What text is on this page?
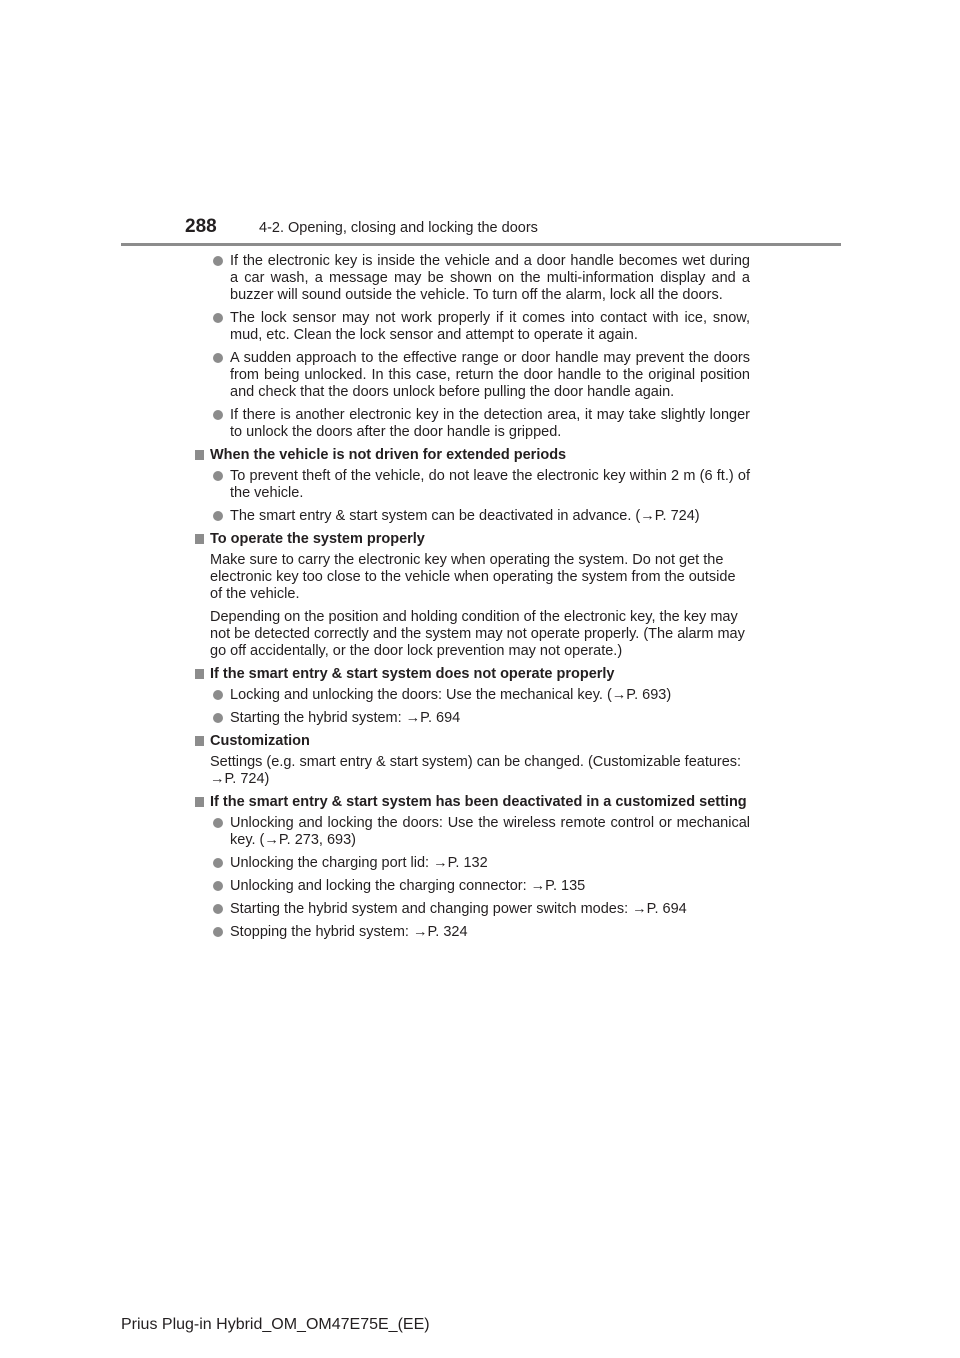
288	4-2. Opening, closing and locking the doors
If the electronic key is inside the vehicle and a door handle becomes wet during a car wash, a message may be shown on the multi-information display and a buzzer will sound outside the vehicle. To turn off the alarm, lock all the doors.
The lock sensor may not work properly if it comes into contact with ice, snow, mud, etc. Clean the lock sensor and attempt to operate it again.
A sudden approach to the effective range or door handle may prevent the doors from being unlocked. In this case, return the door handle to the original position and check that the doors unlock before pulling the door handle again.
If there is another electronic key in the detection area, it may take slightly longer to unlock the doors after the door handle is gripped.
When the vehicle is not driven for extended periods
To prevent theft of the vehicle, do not leave the electronic key within 2 m (6 ft.) of the vehicle.
The smart entry & start system can be deactivated in advance. (→P. 724)
To operate the system properly
Make sure to carry the electronic key when operating the system. Do not get the electronic key too close to the vehicle when operating the system from the outside of the vehicle.
Depending on the position and holding condition of the electronic key, the key may not be detected correctly and the system may not operate properly. (The alarm may go off accidentally, or the door lock prevention may not operate.)
If the smart entry & start system does not operate properly
Locking and unlocking the doors: Use the mechanical key. (→P. 693)
Starting the hybrid system: →P. 694
Customization
Settings (e.g. smart entry & start system) can be changed. (Customizable features: →P. 724)
If the smart entry & start system has been deactivated in a customized setting
Unlocking and locking the doors: Use the wireless remote control or mechanical key. (→P. 273, 693)
Unlocking the charging port lid: →P. 132
Unlocking and locking the charging connector: →P. 135
Starting the hybrid system and changing power switch modes: →P. 694
Stopping the hybrid system: →P. 324
Prius Plug-in Hybrid_OM_OM47E75E_(EE)
